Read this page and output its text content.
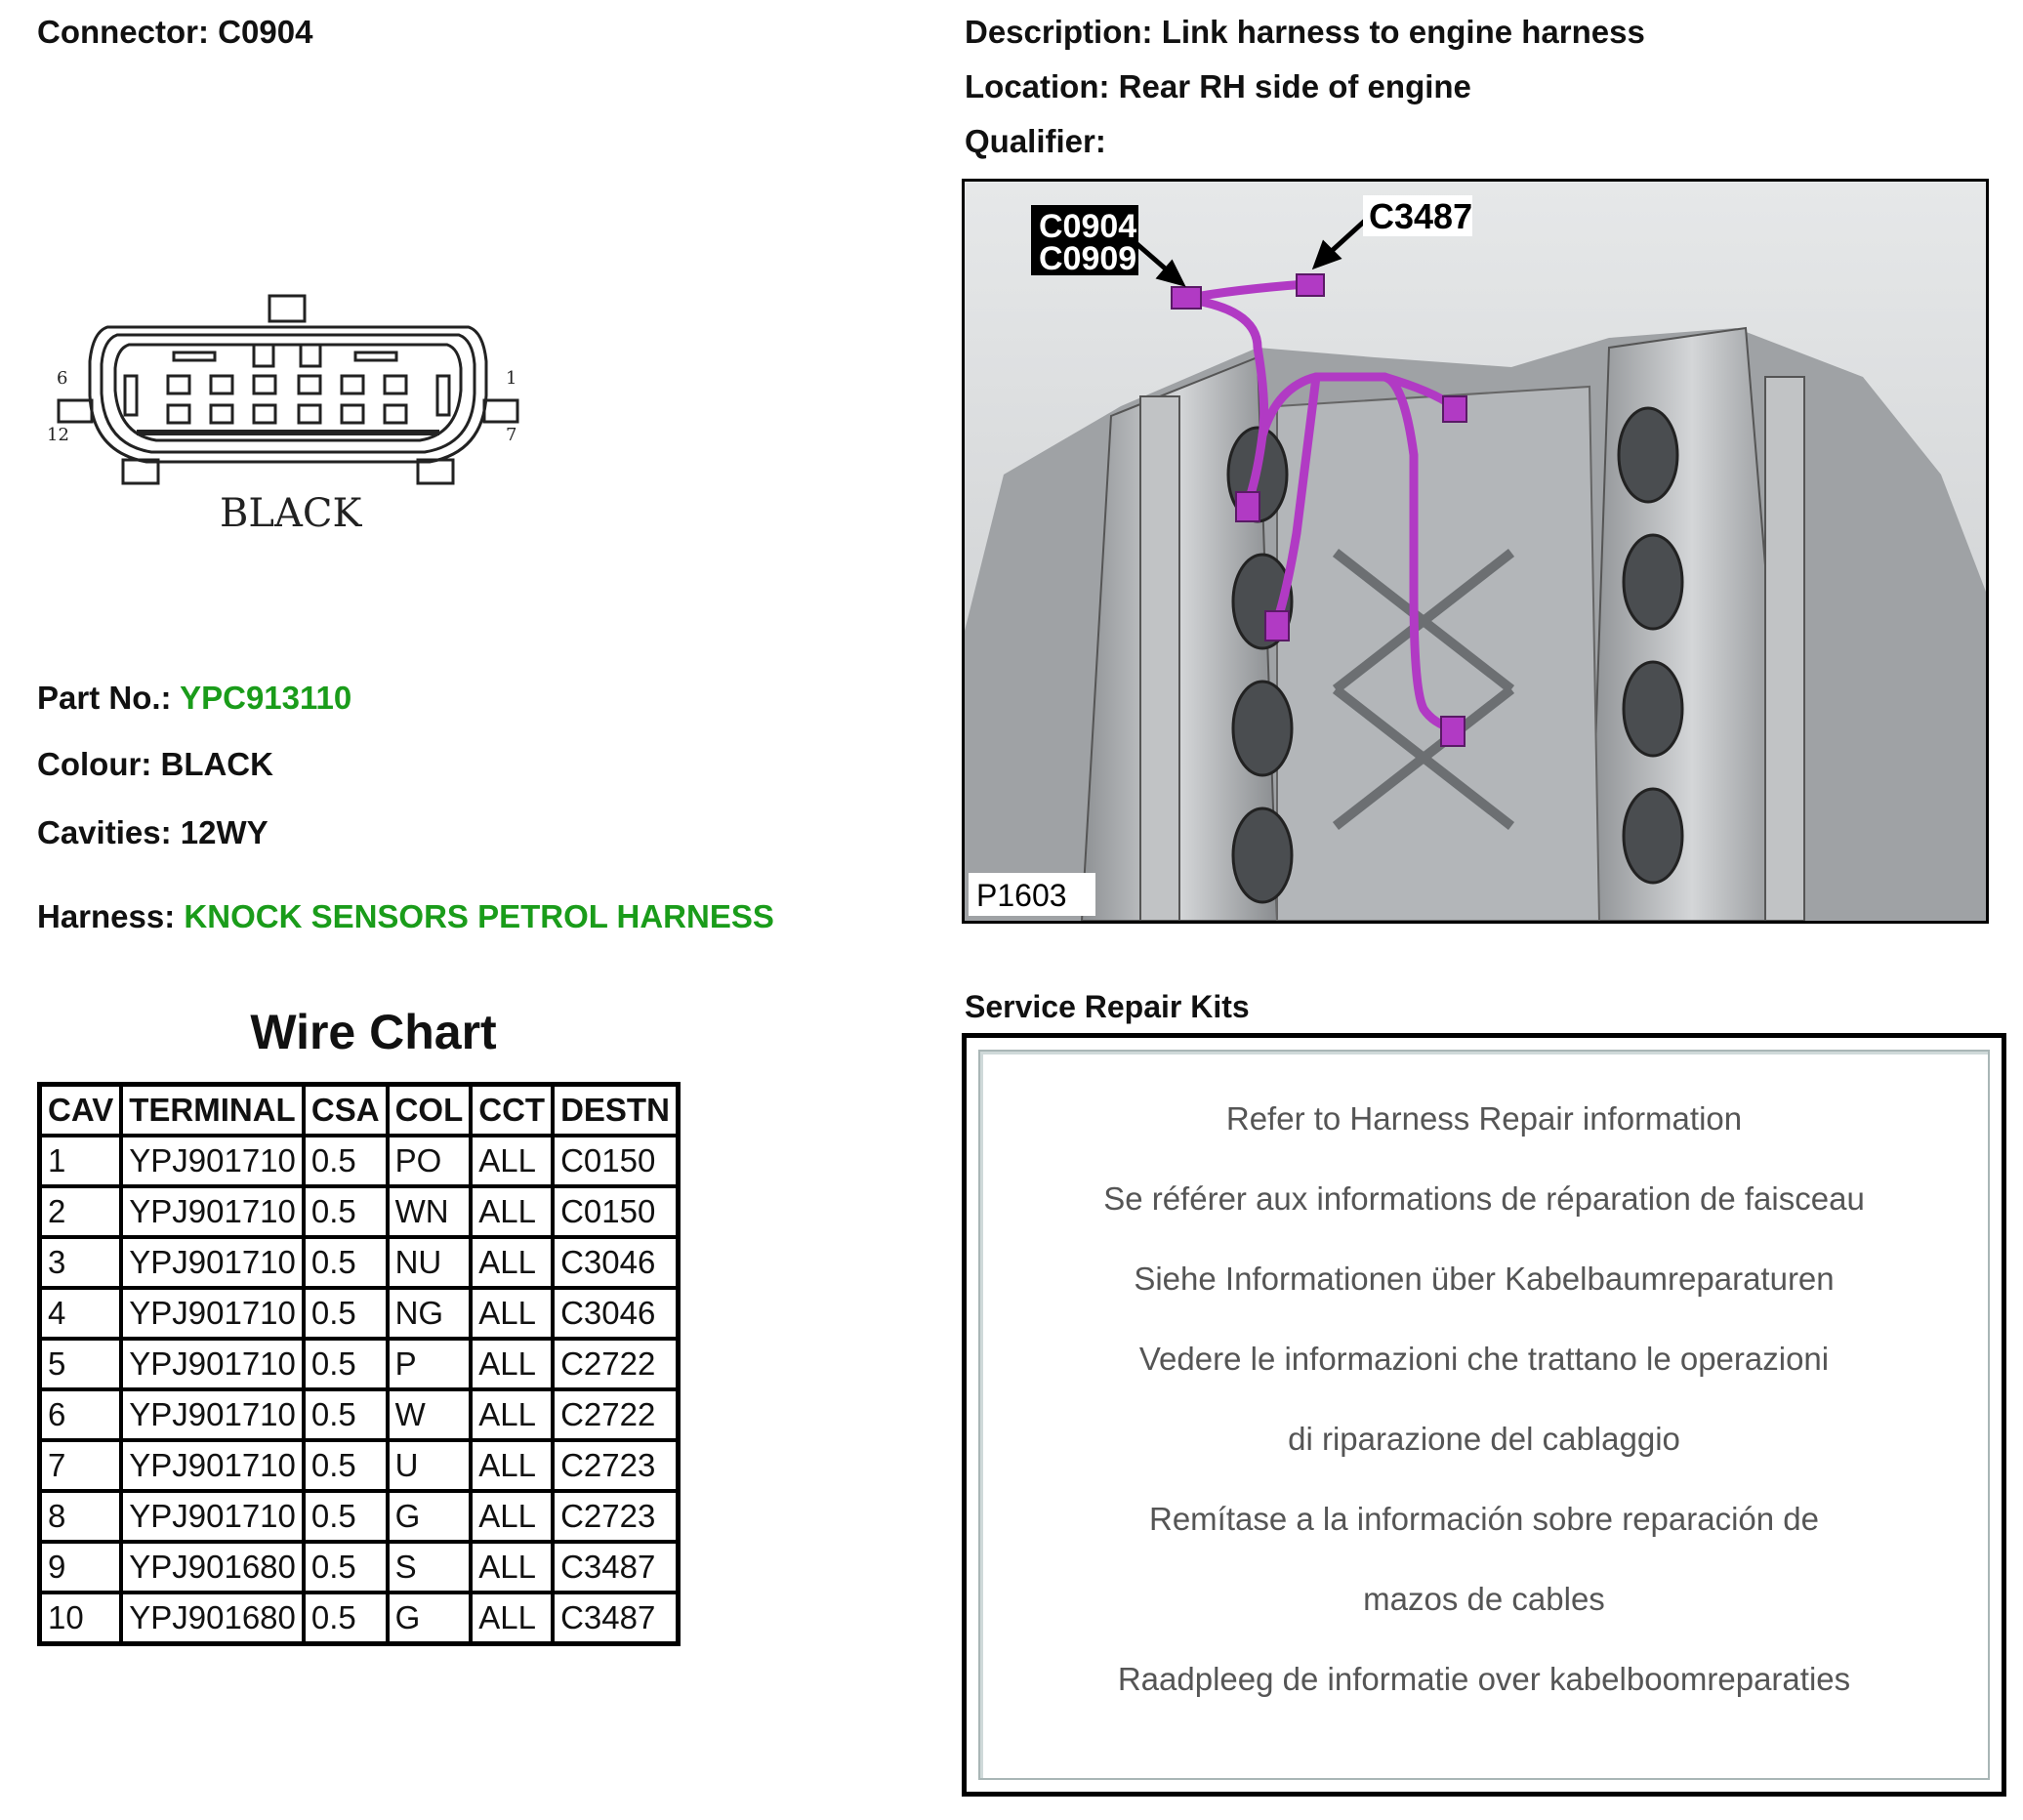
Connector: C0904	Description: Link harness to engine harness
Location: Rear RH side of engine
Qualifier:
6
12
1
7
BLACK
Part No.: YPC913110
Colour: BLACK
Cavities: 12WY
Harness: KNOCK SENSORS PETROL HARNESS
Wire Chart
CAV	TERMINAL	CSA	COL	CCT	DESTN
1	YPJ901710	0.5	PO	ALL	C0150
2	YPJ901710	0.5	WN	ALL	C0150
3	YPJ901710	0.5	NU	ALL	C3046
4	YPJ901710	0.5	NG	ALL	C3046
5	YPJ901710	0.5	P	ALL	C2722
6	YPJ901710	0.5	W	ALL	C2722
7	YPJ901710	0.5	U	ALL	C2723
8	YPJ901710	0.5	G	ALL	C2723
9	YPJ901680	0.5	S	ALL	C3487
10	YPJ901680	0.5	G	ALL	C3487
C0904
C0909
C3487
P1603
Service Repair Kits
Refer to Harness Repair information
Se référer aux informations de réparation de faisceau
Siehe Informationen über Kabelbaumreparaturen
Vedere le informazioni che trattano le operazioni
di riparazione del cablaggio
Remítase a la información sobre reparación de
mazos de cables
Raadpleeg de informatie over kabelboomreparaties
